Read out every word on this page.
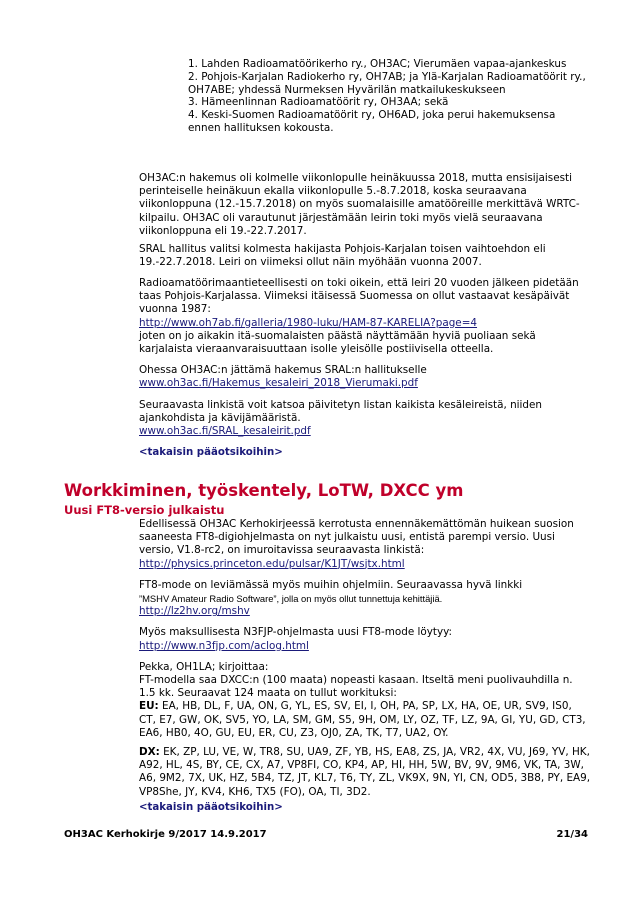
1. Lahden Radioamatöörikerho ry., OH3AC; Vierumäen vapaa-ajankeskus

2. Pohjois-Karjalan Radiokerho ry, OH7AB; ja Ylä-Karjalan Radioamatöörit ry., OH7ABE; yhdessä Nurmeksen Hyvärilän matkailukeskukseen

3. Hämeenlinnan Radioamatöörit ry, OH3AA; sekä

4. Keski-Suomen Radioamatöörit ry, OH6AD, joka perui hakemuksensa ennen hallituksen kokousta.

OH3AC:n hakemus oli kolmelle viikonlopulle heinäkuussa 2018, mutta ensisijaisesti perinteiselle heinäkuun ekalla viikonlopulle 5.-8.7.2018, koska seuraavana viikonloppuna (12.-15.7.2018) on myös suomalaisille amatööreille merkittävä WRTC-kilpailu. OH3AC oli varautunut järjestämään leirin toki myös vielä seuraavana viikonloppuna eli 19.-22.7.2017.

SRAL hallitus valitsi kolmesta hakijasta Pohjois-Karjalan toisen vaihtoehdon eli 19.-22.7.2018. Leiri on viimeksi ollut näin myöhään vuonna 2007.

Radioamatöörimaantieteellisesti on toki oikein, että leiri 20 vuoden jälkeen pidetään taas Pohjois-Karjalassa. Viimeksi itäisessä Suomessa on ollut vastaavat kesäpäivät vuonna 1987:

http://www.oh7ab.fi/galleria/1980-luku/HAM-87-KARELIA?page=4

joten on jo aikakin itä-suomalaisten päästä näyttämään hyviä puoliaan sekä karjalaista vieraanvaraisuuttaan isolle yleisölle postiivisella otteella.

Ohessa OH3AC:n jättämä hakemus SRAL:n hallitukselle

www.oh3ac.fi/Hakemus_kesaleiri_2018_Vierumaki.pdf

Seuraavasta linkistä voit katsoa päivitetyn listan kaikista kesäleireistä, niiden ajankohdista ja kävijämääristä.

www.oh3ac.fi/SRAL_kesaleirit.pdf

<takaisin pääotsikoihin>
Workkiminen, työskentely, LoTW, DXCC ym
Uusi FT8-versio julkaistu

Edellisessä OH3AC Kerhokirjeessä kerrotusta ennennäkemättömän huikean suosion saaneesta FT8-digiohjelmasta on nyt julkaistu uusi, entistä parempi versio. Uusi versio, V1.8-rc2, on imuroitavissa seuraavasta linkistä:

http://physics.princeton.edu/pulsar/K1JT/wsjtx.html

FT8-mode on leviämässä myös muihin ohjelmiin. Seuraavassa hyvä linkki

”MSHV Amateur Radio Software”, jolla on myös ollut tunnettuja kehittäjiä.

http://lz2hv.org/mshv

Myös maksullisesta N3FJP-ohjelmasta uusi FT8-mode löytyy:

http://www.n3fjp.com/aclog.html

Pekka, OH1LA; kirjoittaa:

FT-modella saa DXCC:n (100 maata) nopeasti kasaan. Itseltä meni puolivauhdilla n. 1.5 kk. Seuraavat 124 maata on tullut workituksi:

EU: EA, HB, DL, F, UA, ON, G, YL, ES, SV, EI, I, OH, PA, SP, LX, HA, OE, UR, SV9, IS0, CT, E7, GW, OK, SV5, YO, LA, SM, GM, S5, 9H, OM, LY, OZ, TF, LZ, 9A, GI, YU, GD, CT3, EA6, HB0, 4O, GU, EU, ER, CU, Z3, OJ0, ZA, TK, T7, UA2, OY.

DX: EK, ZP, LU, VE, W, TR8, SU, UA9, ZF, YB, HS, EA8, ZS, JA, VR2, 4X, VU, J69, YV, HK, A92, HL, 4S, BY, CE, CX, A7, VP8FI, CO, KP4, AP, HI, HH, 5W, BV, 9V, 9M6, VK, TA, 3W, A6, 9M2, 7X, UK, HZ, 5B4, TZ, JT, KL7, T6, TY, ZL, VK9X, 9N, YI, CN, OD5, 3B8, PY, EA9, VP8She, JY, KV4, KH6, TX5 (FO), OA, TI, 3D2.

<takaisin pääotsikoihin>

OH3AC Kerhokirje 9/2017 14.9.2017	21/34
